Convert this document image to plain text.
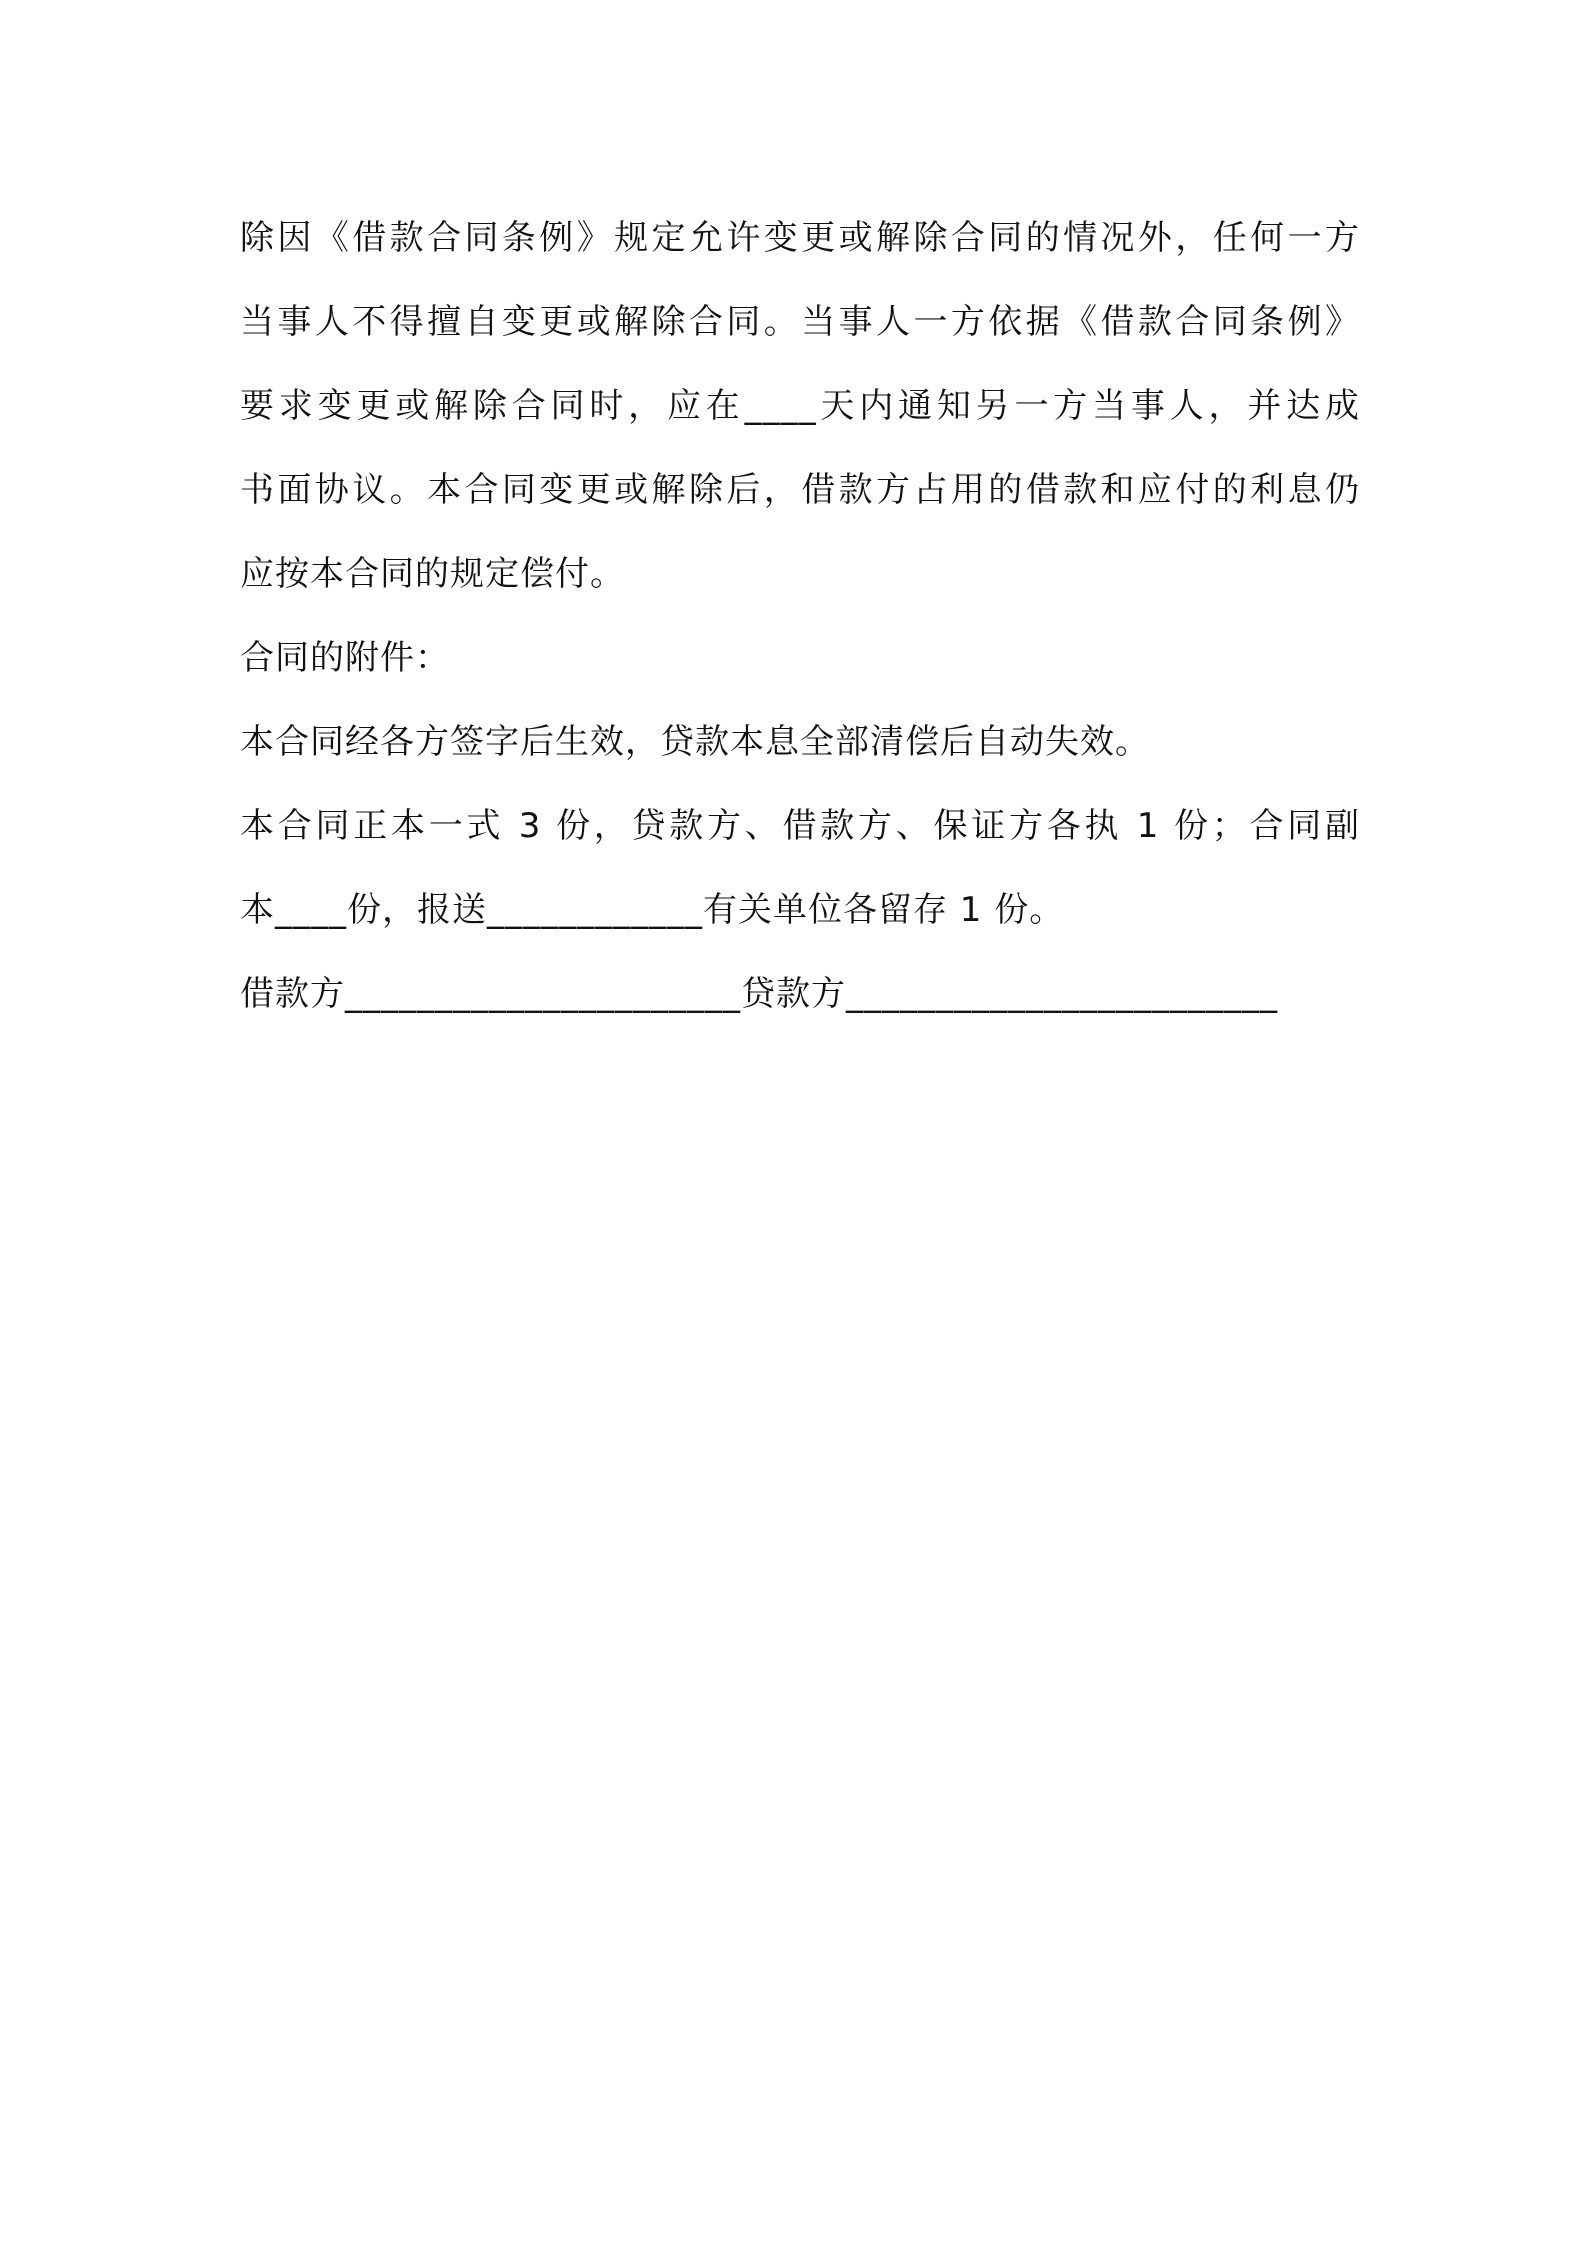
除因《借款合同条例》规定允许变更或解除合同的情况外，任何一方

当事人不得擅自变更或解除合同。当事人一方依据《借款合同条例》

要求变更或解除合同时，应在____天内通知另一方当事人，并达成

书面协议。本合同变更或解除后，借款方占用的借款和应付的利息仍

应按本合同的规定偿付。

合同的附件：

本合同经各方签字后生效，贷款本息全部清偿后自动失效。

本合同正本一式 3 份，贷款方、借款方、保证方各执 1 份；合同副

本____份，报送____________有关单位各留存 1 份。

借款方______________________贷款方________________________
